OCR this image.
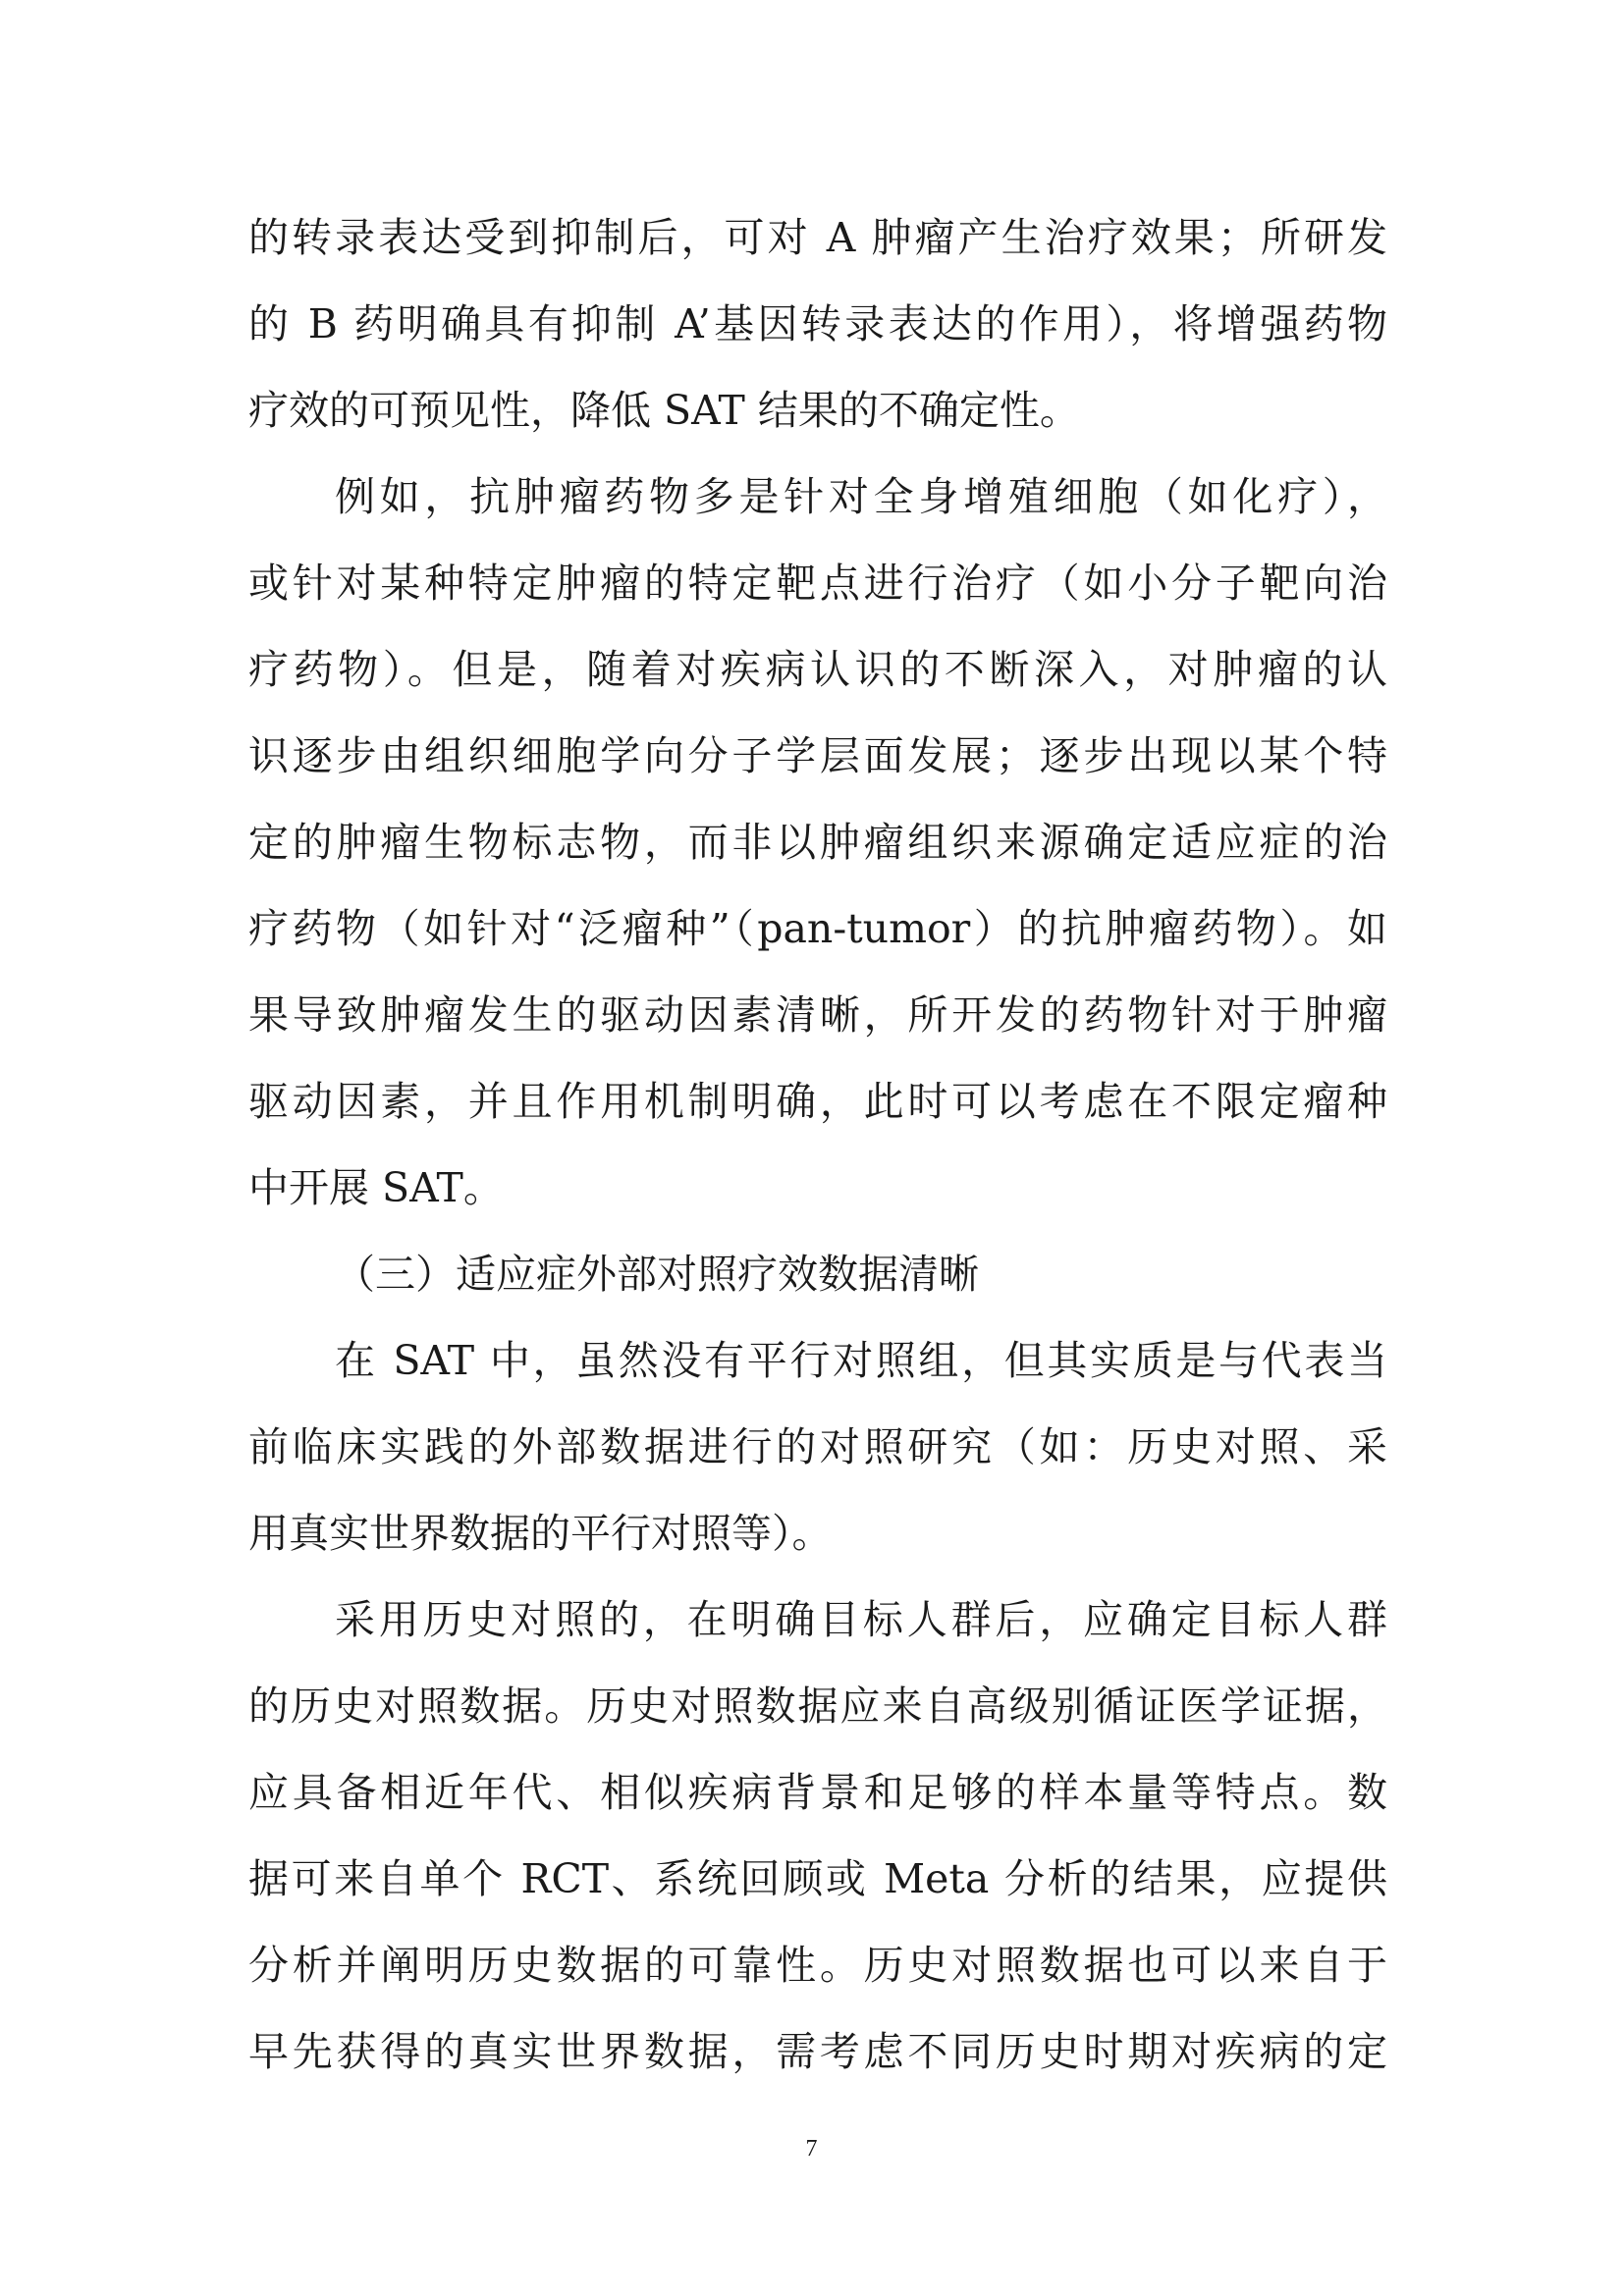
的转录表达受到抑制后，可对 A 肿瘤产生治疗效果；所研发
的 B 药明确具有抑制 A’基因转录表达的作用），将增强药物
疗效的可预见性，降低 SAT 结果的不确定性。
例如，抗肿瘤药物多是针对全身增殖细胞（如化疗），
或针对某种特定肿瘤的特定靶点进行治疗（如小分子靶向治
疗药物）。但是，随着对疾病认识的不断深入，对肿瘤的认
识逐步由组织细胞学向分子学层面发展；逐步出现以某个特
定的肿瘤生物标志物，而非以肿瘤组织来源确定适应症的治
疗药物（如针对“泛瘤种”（pan-tumor）的抗肿瘤药物）。如
果导致肿瘤发生的驱动因素清晰，所开发的药物针对于肿瘤
驱动因素，并且作用机制明确，此时可以考虑在不限定瘤种
中开展 SAT。
（三）适应症外部对照疗效数据清晰
在 SAT 中，虽然没有平行对照组，但其实质是与代表当
前临床实践的外部数据进行的对照研究（如：历史对照、采
用真实世界数据的平行对照等）。
采用历史对照的，在明确目标人群后，应确定目标人群
的历史对照数据。历史对照数据应来自高级别循证医学证据，
应具备相近年代、相似疾病背景和足够的样本量等特点。数
据可来自单个 RCT、系统回顾或 Meta 分析的结果，应提供
分析并阐明历史数据的可靠性。历史对照数据也可以来自于
早先获得的真实世界数据，需考虑不同历史时期对疾病的定
7
